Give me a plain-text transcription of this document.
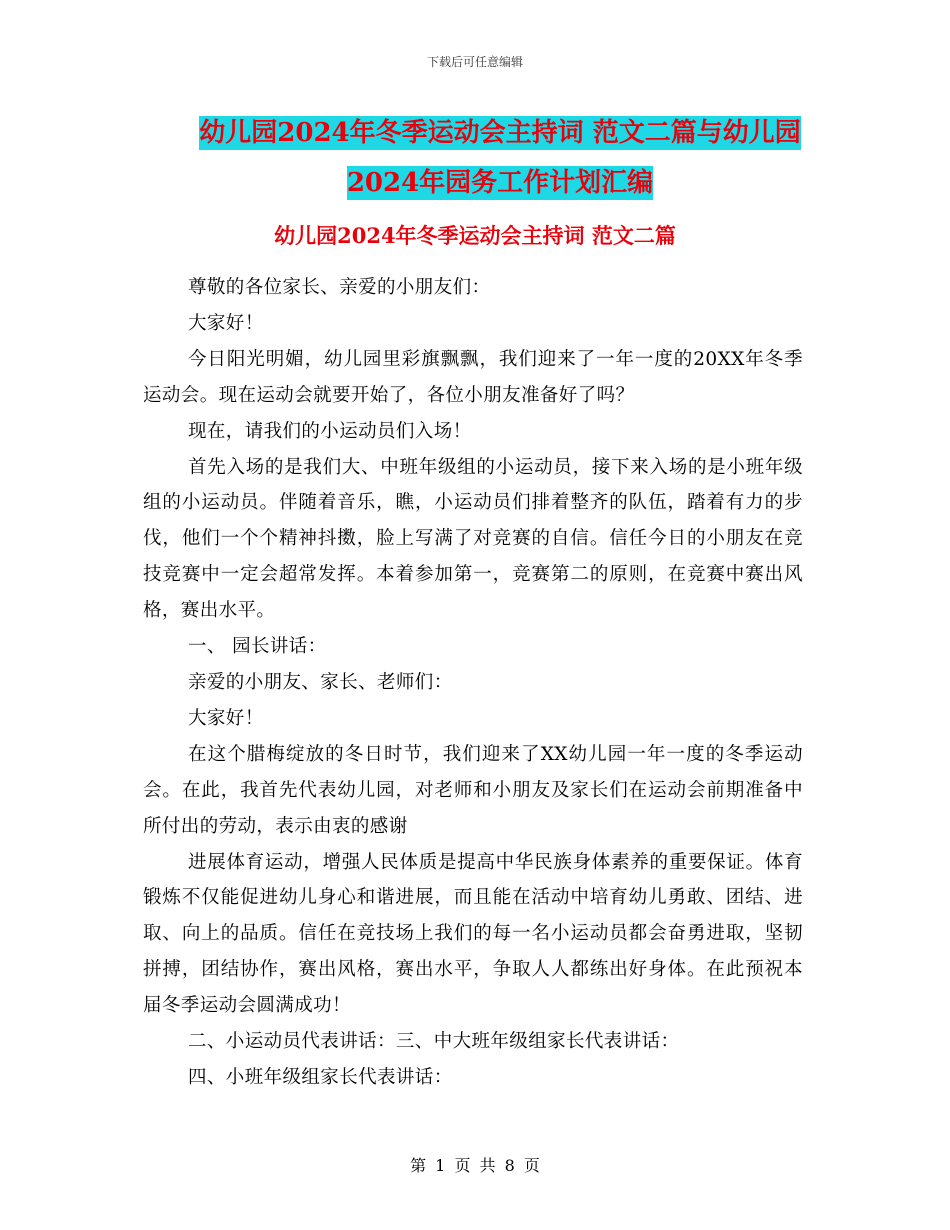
下载后可任意编辑
幼儿园2024年冬季运动会主持词 范文二篇与幼儿园
2024年园务工作计划汇编
幼儿园2024年冬季运动会主持词 范文二篇

尊敬的各位家长、亲爱的小朋友们：

大家好！

今日阳光明媚，幼儿园里彩旗飘飘，我们迎来了一年一度的20XX年冬季运动会。现在运动会就要开始了，各位小朋友准备好了吗？

现在，请我们的小运动员们入场！

首先入场的是我们大、中班年级组的小运动员，接下来入场的是小班年级组的小运动员。伴随着音乐，瞧，小运动员们排着整齐的队伍，踏着有力的步伐，他们一个个精神抖擞，脸上写满了对竞赛的自信。信任今日的小朋友在竞技竞赛中一定会超常发挥。本着参加第一，竞赛第二的原则，在竞赛中赛出风格，赛出水平。

一、 园长讲话：

亲爱的小朋友、家长、老师们：

大家好！

在这个腊梅绽放的冬日时节，我们迎来了XX幼儿园一年一度的冬季运动会。在此，我首先代表幼儿园，对老师和小朋友及家长们在运动会前期准备中所付出的劳动，表示由衷的感谢

进展体育运动，增强人民体质是提高中华民族身体素养的重要保证。体育锻炼不仅能促进幼儿身心和谐进展，而且能在活动中培育幼儿勇敢、团结、进取、向上的品质。信任在竞技场上我们的每一名小运动员都会奋勇进取，坚韧拼搏，团结协作，赛出风格，赛出水平，争取人人都练出好身体。在此预祝本届冬季运动会圆满成功！

二、小运动员代表讲话：三、中大班年级组家长代表讲话：

四、小班年级组家长代表讲话：

第 1 页 共 8 页
